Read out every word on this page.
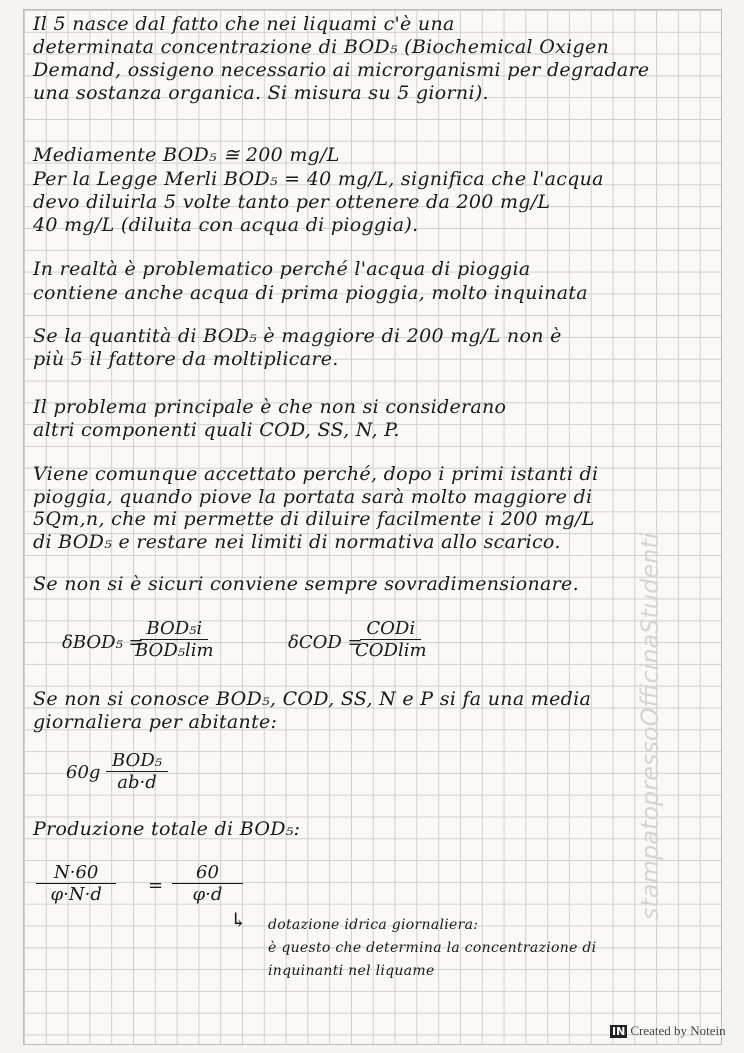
Il 5 nasce dal fatto che nei liquami c'è una
determinata concentrazione di BOD₅ (Biochemical Oxigen
Demand, ossigeno necessario ai microrganismi per degradare
una sostanza organica. Si misura su 5 giorni).
Mediamente BOD₅ ≅ 200 mg/L
Per la Legge Merli BOD₅ = 40 mg/L, significa che l'acqua
devo diluirla 5 volte tanto per ottenere da 200 mg/L
40 mg/L (diluita con acqua di pioggia).
In realtà è problematico perché l'acqua di pioggia
contiene anche acqua di prima pioggia, molto inquinata
Se la quantità di BOD₅ è maggiore di 200 mg/L non è
più 5 il fattore da moltiplicare.
Il problema principale è che non si considerano
altri componenti quali COD, SS, N, P.
Viene comunque accettato perché, dopo i primi istanti di
pioggia, quando piove la portata sarà molto maggiore di
5Qm,n, che mi permette di diluire facilmente i 200 mg/L
di BOD₅ e restare nei limiti di normativa allo scarico.
Se non si è sicuri conviene sempre sovradimensionare.
δBOD₅ =
BOD₅i
BOD₅lim	δCOD =
CODi
CODlim
Se non si conosce BOD₅, COD, SS, N e P si fa una media
giornaliera per abitante:
60g
BOD₅
ab·d
Produzione totale di BOD₅:
$\frac{N\cdot 60}{\varphi\cdot N\cdot d} = \frac{60}{\varphi\cdot d}$
↳ dotazione idrica giornaliera:
è questo che determina la concentrazione di
inquinanti nel liquame
stampatopressoOfficinaStudenti
IN Created by Notein
